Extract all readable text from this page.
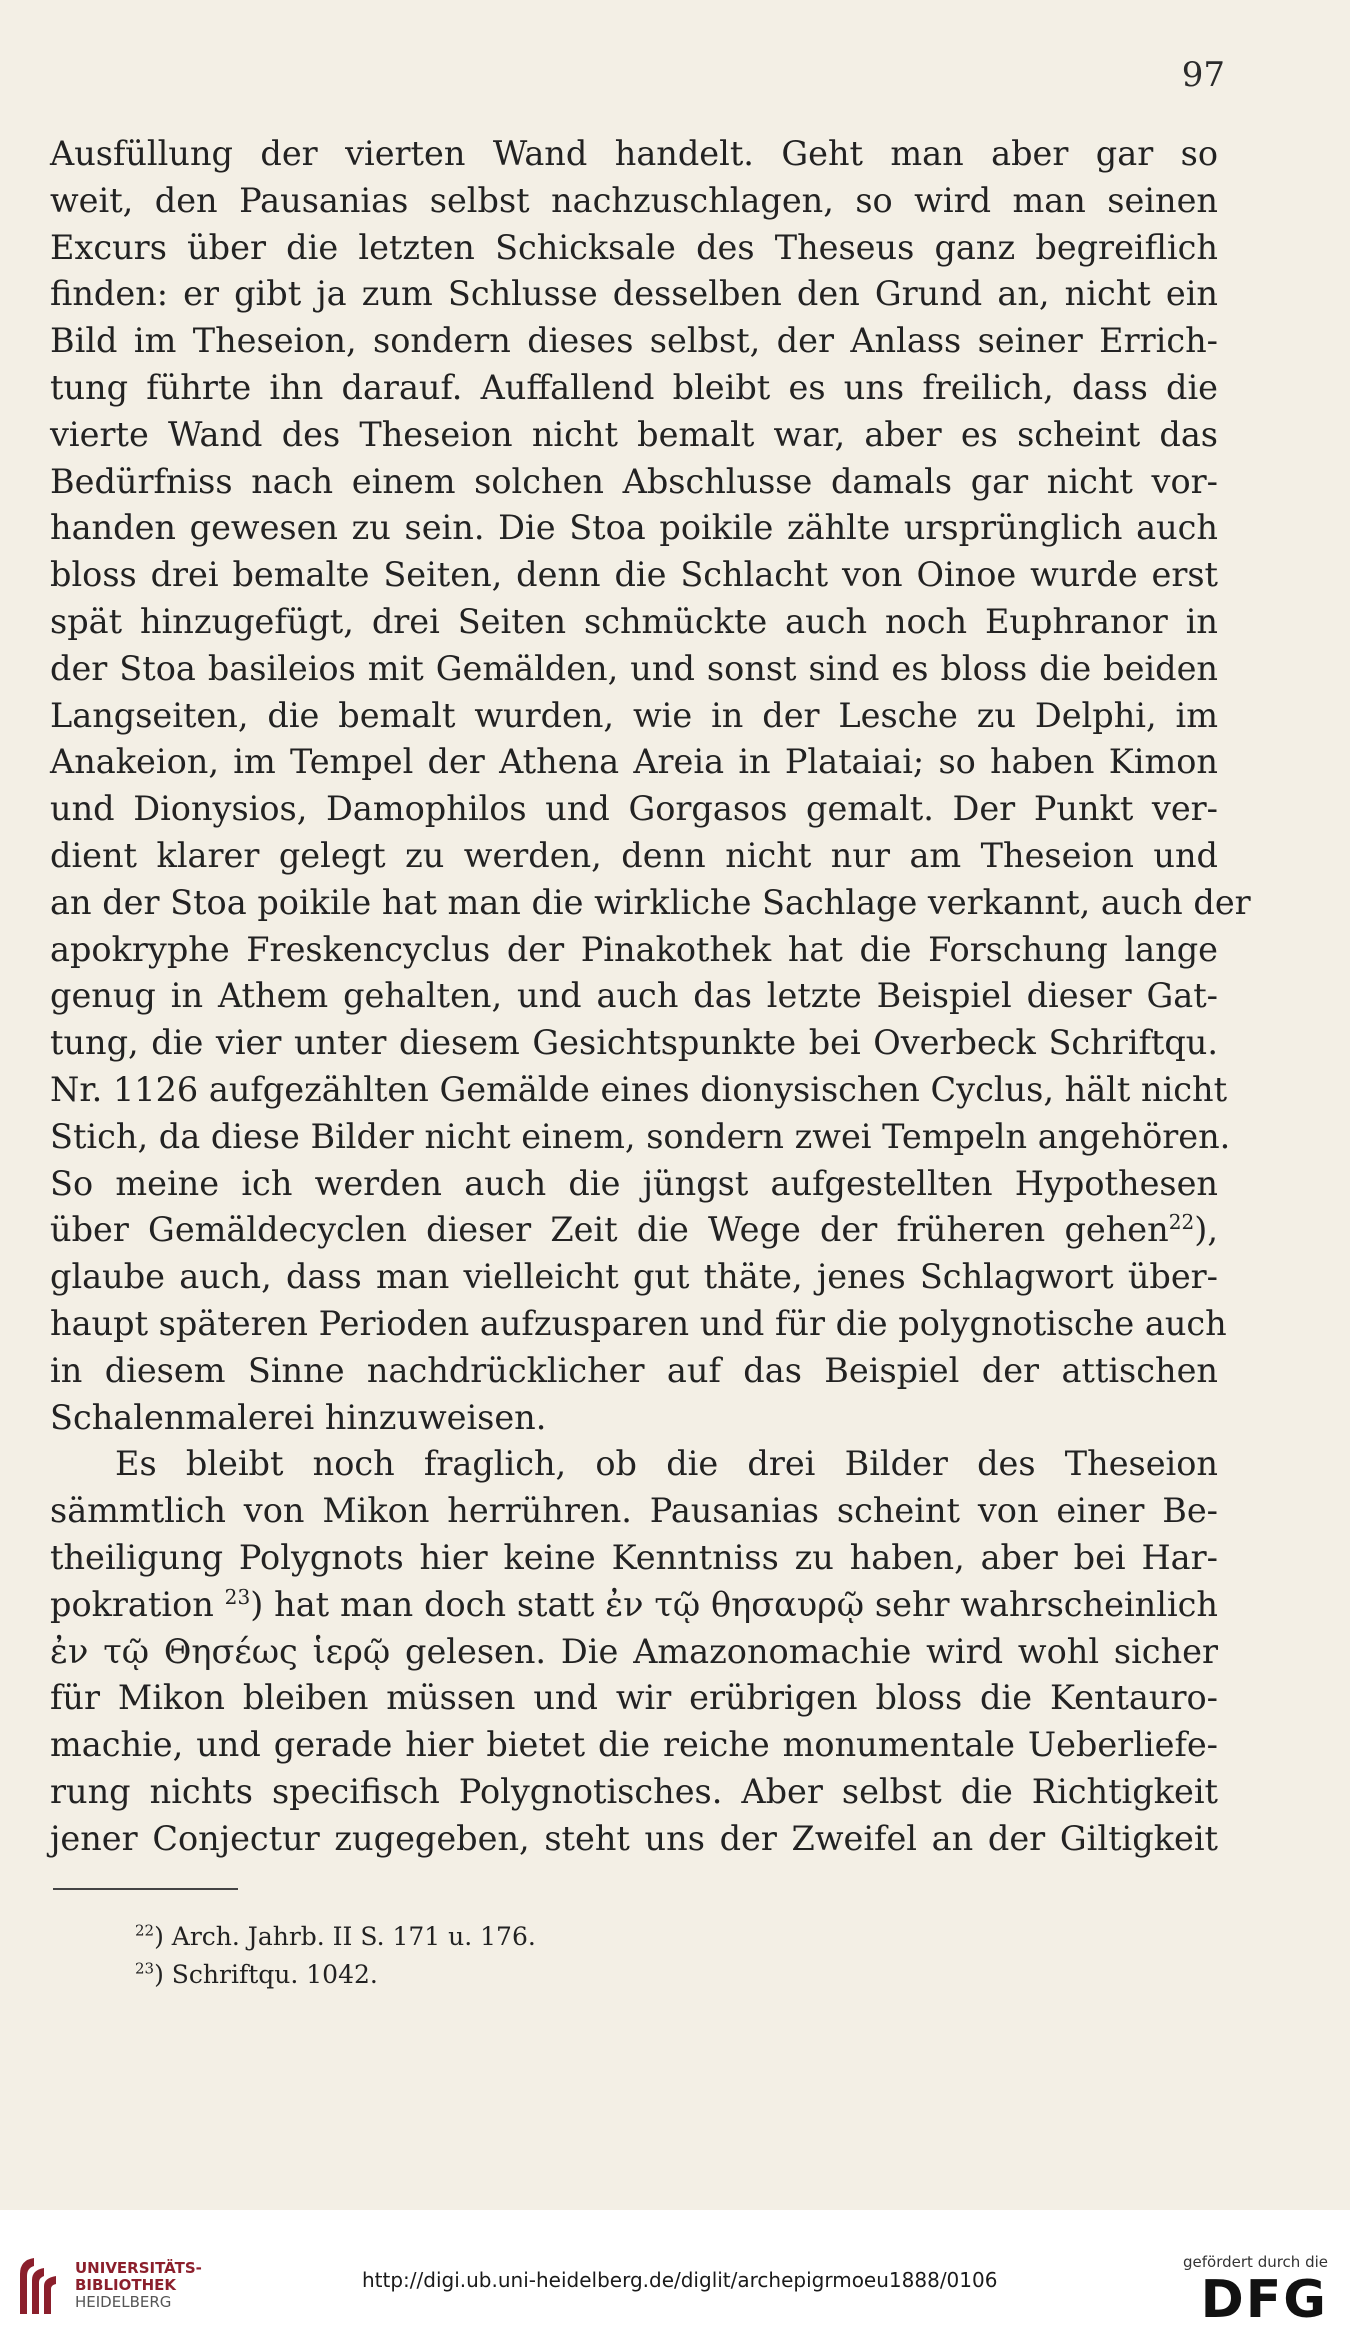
97
Ausfüllung der vierten Wand handelt. Geht man aber gar so
weit, den Pausanias selbst nachzuschlagen, so wird man seinen
Excurs über die letzten Schicksale des Theseus ganz begreiflich
finden: er gibt ja zum Schlusse desselben den Grund an, nicht ein
Bild im Theseion, sondern dieses selbst, der Anlass seiner Errich-
tung führte ihn darauf. Auffallend bleibt es uns freilich, dass die
vierte Wand des Theseion nicht bemalt war, aber es scheint das
Bedürfniss nach einem solchen Abschlusse damals gar nicht vor-
handen gewesen zu sein. Die Stoa poikile zählte ursprünglich auch
bloss drei bemalte Seiten, denn die Schlacht von Oinoe wurde erst
spät hinzugefügt, drei Seiten schmückte auch noch Euphranor in
der Stoa basileios mit Gemälden, und sonst sind es bloss die beiden
Langseiten, die bemalt wurden, wie in der Lesche zu Delphi, im
Anakeion, im Tempel der Athena Areia in Plataiai; so haben Kimon
und Dionysios, Damophilos und Gorgasos gemalt. Der Punkt ver-
dient klarer gelegt zu werden, denn nicht nur am Theseion und
an der Stoa poikile hat man die wirkliche Sachlage verkannt, auch der
apokryphe Freskencyclus der Pinakothek hat die Forschung lange
genug in Athem gehalten, und auch das letzte Beispiel dieser Gat-
tung, die vier unter diesem Gesichtspunkte bei Overbeck Schriftqu.
Nr. 1126 aufgezählten Gemälde eines dionysischen Cyclus, hält nicht
Stich, da diese Bilder nicht einem, sondern zwei Tempeln angehören.
So meine ich werden auch die jüngst aufgestellten Hypothesen
über Gemäldecyclen dieser Zeit die Wege der früheren gehen$^{22}$),
glaube auch, dass man vielleicht gut thäte, jenes Schlagwort über-
haupt späteren Perioden aufzusparen und für die polygnotische auch
in diesem Sinne nachdrücklicher auf das Beispiel der attischen
Schalenmalerei hinzuweisen.
Es bleibt noch fraglich, ob die drei Bilder des Theseion
sämmtlich von Mikon herrühren. Pausanias scheint von einer Be-
theiligung Polygnots hier keine Kenntniss zu haben, aber bei Har-
pokration $^{23}$) hat man doch statt ἐν τῷ θησαυρῷ sehr wahrscheinlich
ἐν τῷ Θησέως ἱερῷ gelesen. Die Amazonomachie wird wohl sicher
für Mikon bleiben müssen und wir erübrigen bloss die Kentauro-
machie, und gerade hier bietet die reiche monumentale Ueberliefe-
rung nichts specifisch Polygnotisches. Aber selbst die Richtigkeit
jener Conjectur zugegeben, steht uns der Zweifel an der Giltigkeit
$^{22}$) Arch. Jahrb. II S. 171 u. 176.
$^{23}$) Schriftqu. 1042.
UNIVERSITÄTS-
BIBLIOTHEK
HEIDELBERG
http://digi.ub.uni-heidelberg.de/diglit/archepigrmoeu1888/0106
gefördert durch die
DFG
